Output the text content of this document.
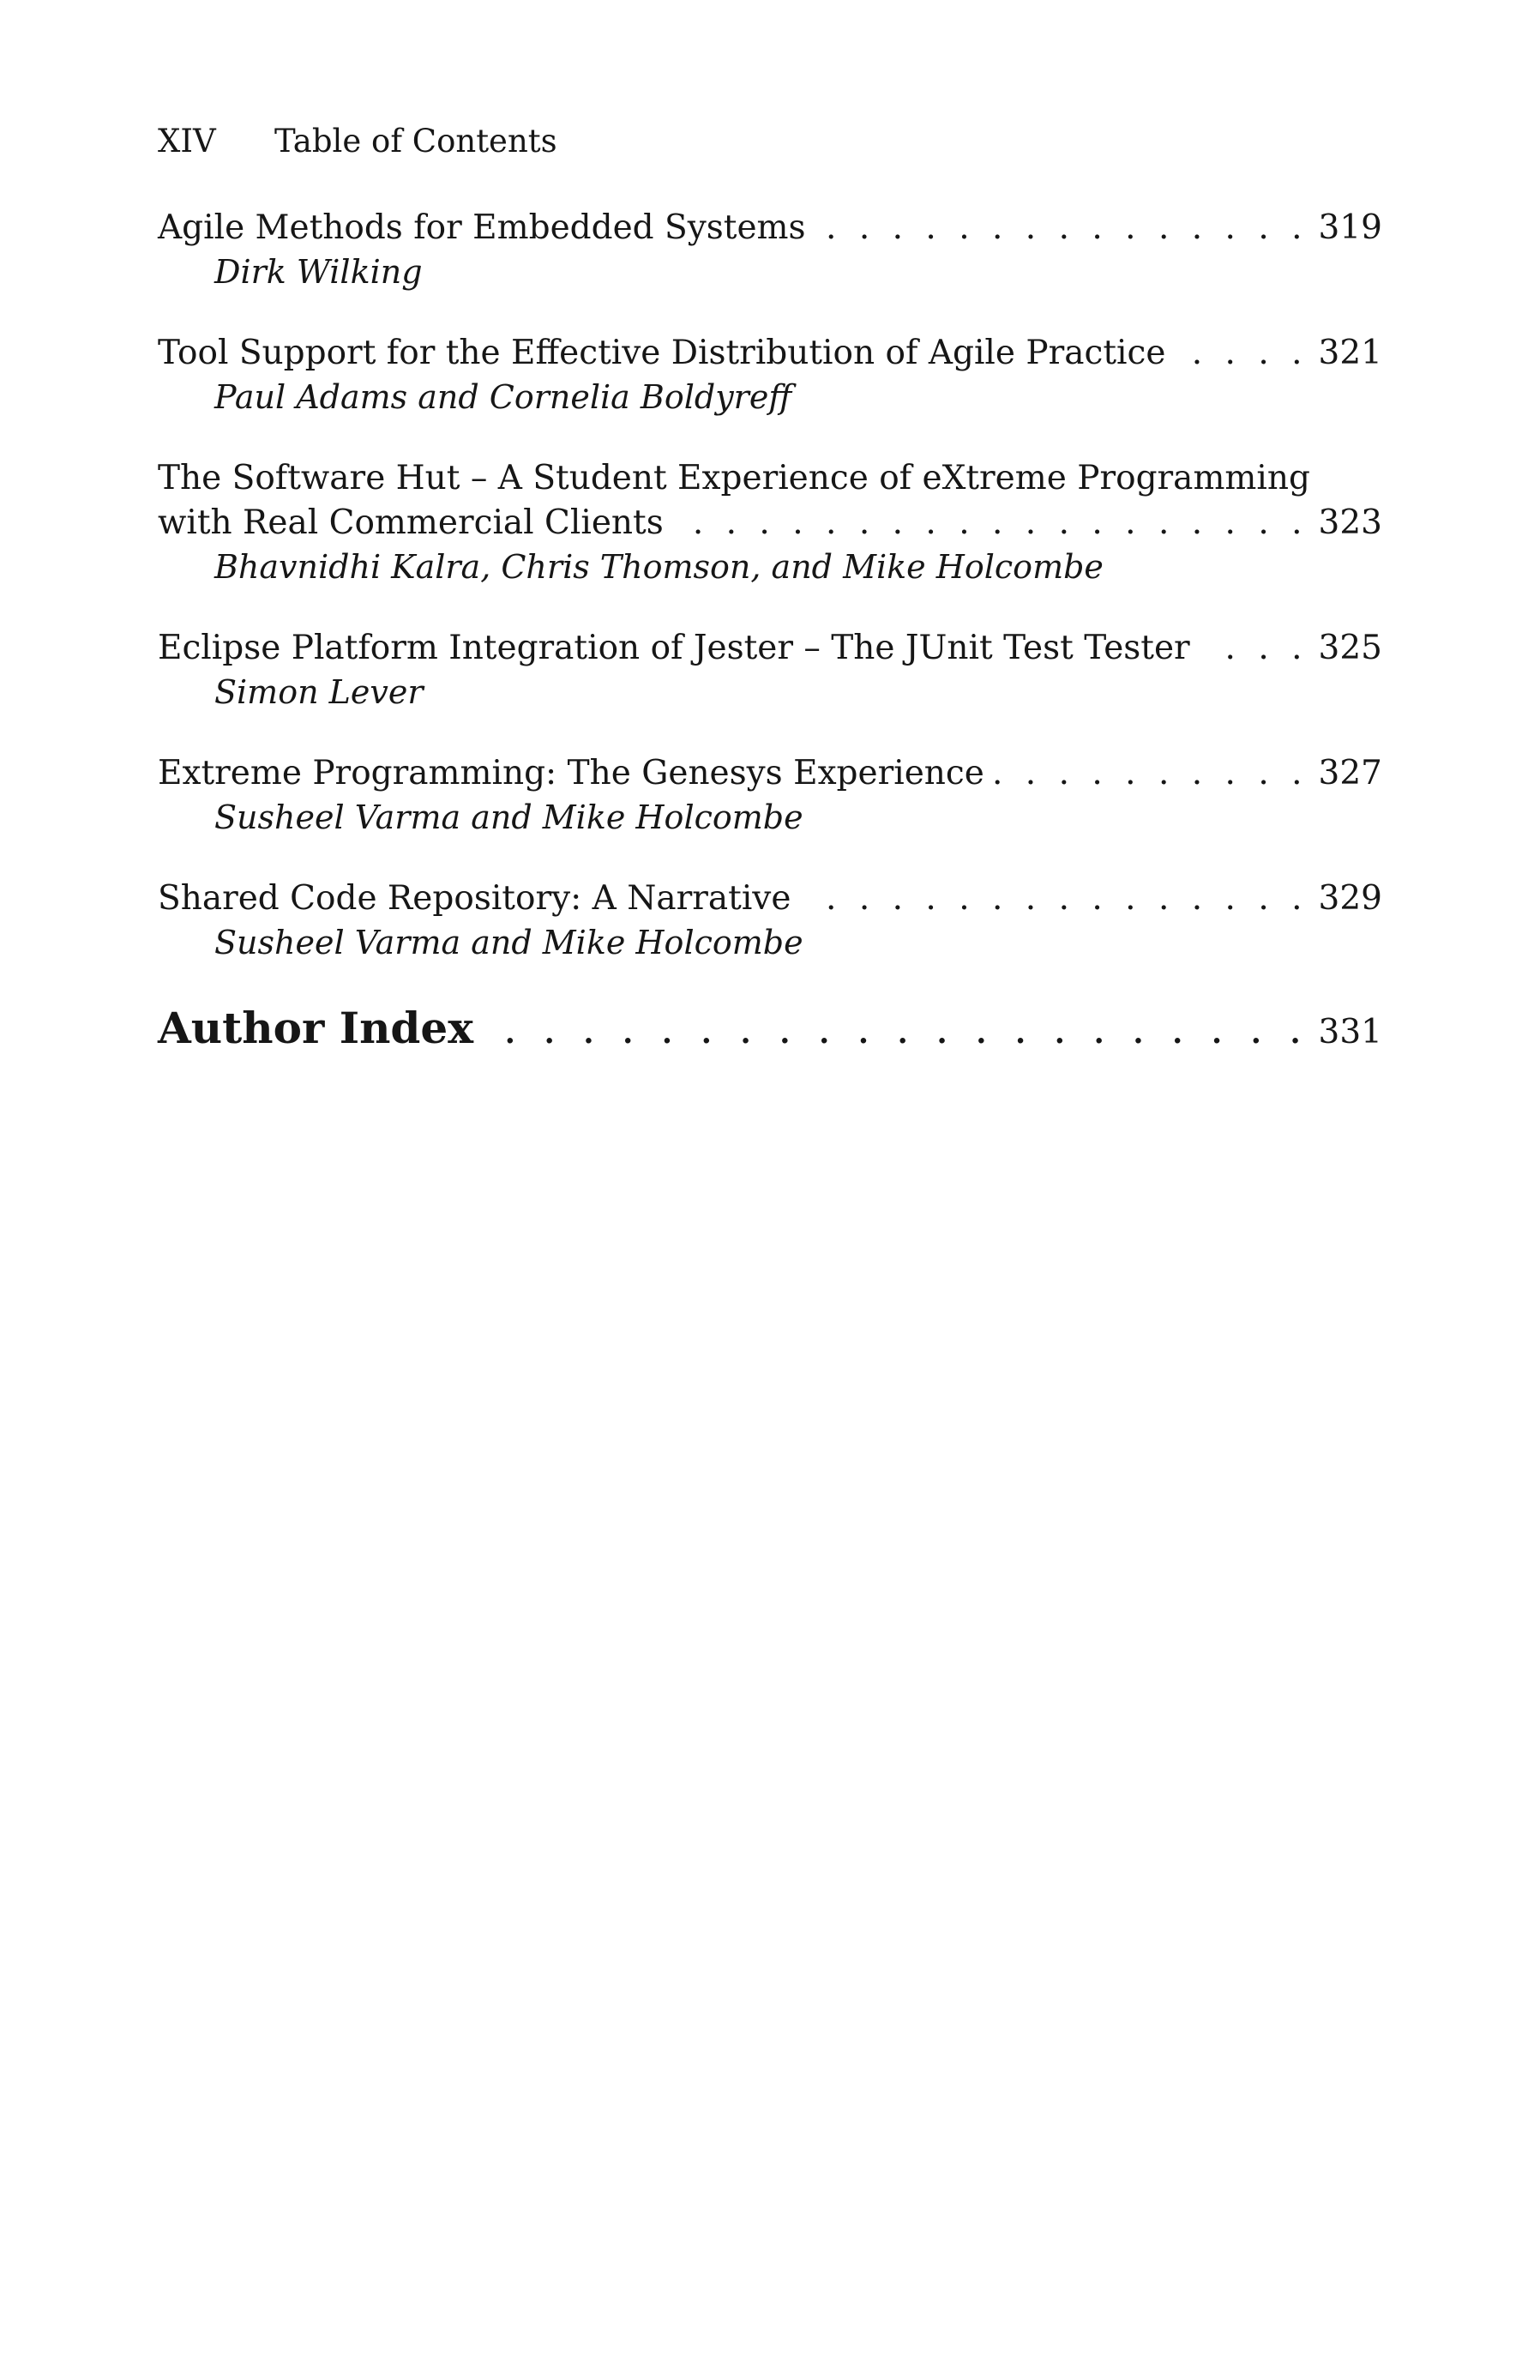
XIV Table of Contents
Agile Methods for Embedded Systems . . .	319
Dirk Wilking
Tool Support for the Effective Distribution of Agile Practice . . .	321
Paul Adams and Cornelia Boldyreff
The Software Hut – A Student Experience of eXtreme Programming
with Real Commercial Clients . . .	323
Bhavnidhi Kalra, Chris Thomson, and Mike Holcombe
Eclipse Platform Integration of Jester – The JUnit Test Tester . . .	325
Simon Lever
Extreme Programming: The Genesys Experience . . .	327
Susheel Varma and Mike Holcombe
Shared Code Repository: A Narrative . . .	329
Susheel Varma and Mike Holcombe
Author Index . . .	331
